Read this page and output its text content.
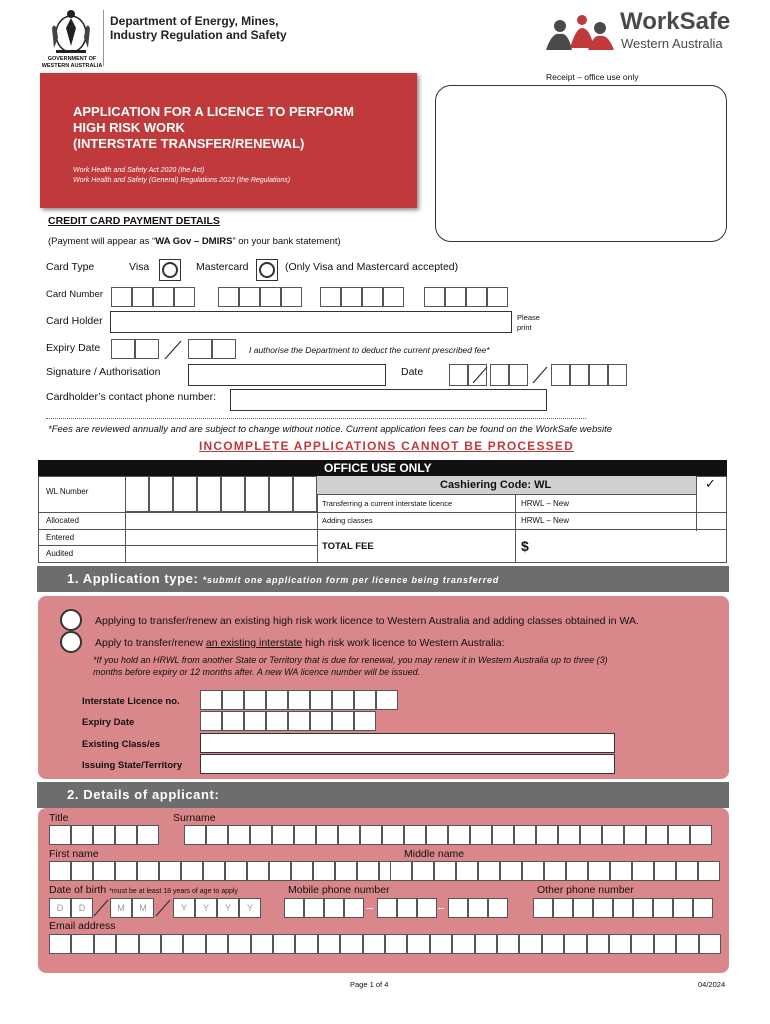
GOVERNMENT OF
WESTERN AUSTRALIA
Department of Energy, Mines,
Industry Regulation and Safety	WorkSafe
Western Australia
Receipt – office use only
APPLICATION FOR A LICENCE TO PERFORM
HIGH RISK WORK
(INTERSTATE TRANSFER/RENEWAL)
Work Health and Safety Act 2020 (the Act)
Work Health and Safety (General) Regulations 2022 (the Regulations)
CREDIT CARD PAYMENT DETAILS
(Payment will appear as “WA Gov – DMIRS” on your bank statement)
Card Type	Visa	Mastercard	(Only Visa and Mastercard accepted)
Card Number
Card Holder	Please
print
Expiry Date	I authorise the Department to deduct the current prescribed fee*
Signature / Authorisation	Date
Cardholder’s contact phone number:
*Fees are reviewed annually and are subject to change without notice. Current application fees can be found on the WorkSafe website
INCOMPLETE APPLICATIONS CANNOT BE PROCESSED
OFFICE USE ONLY
WL Number
Cashiering Code: WL	✓
Transferring a current interstate licence	HRWL – New
Adding classes	HRWL – New
Allocated
Entered
Audited
TOTAL FEE	$
1. Application type: *submit one application form per licence being transferred
Applying to transfer/renew an existing high risk work licence to Western Australia and adding classes obtained in WA.
Apply to transfer/renew an existing interstate high risk work licence to Western Australia:
*If you hold an HRWL from another State or Territory that is due for renewal, you may renew it in Western Australia up to three (3)
months before expiry or 12 months after. A new WA licence number will be issued.
Interstate Licence no.
Expiry Date
Existing Class/es
Issuing State/Territory
2. Details of applicant:
Title	Surname
First name	Middle name
Date of birth *must be at least 18 years of age to apply	Mobile phone number	Other phone number
D	D	M	M	Y	Y	Y	Y
Email address
Page 1 of 4	04/2024
